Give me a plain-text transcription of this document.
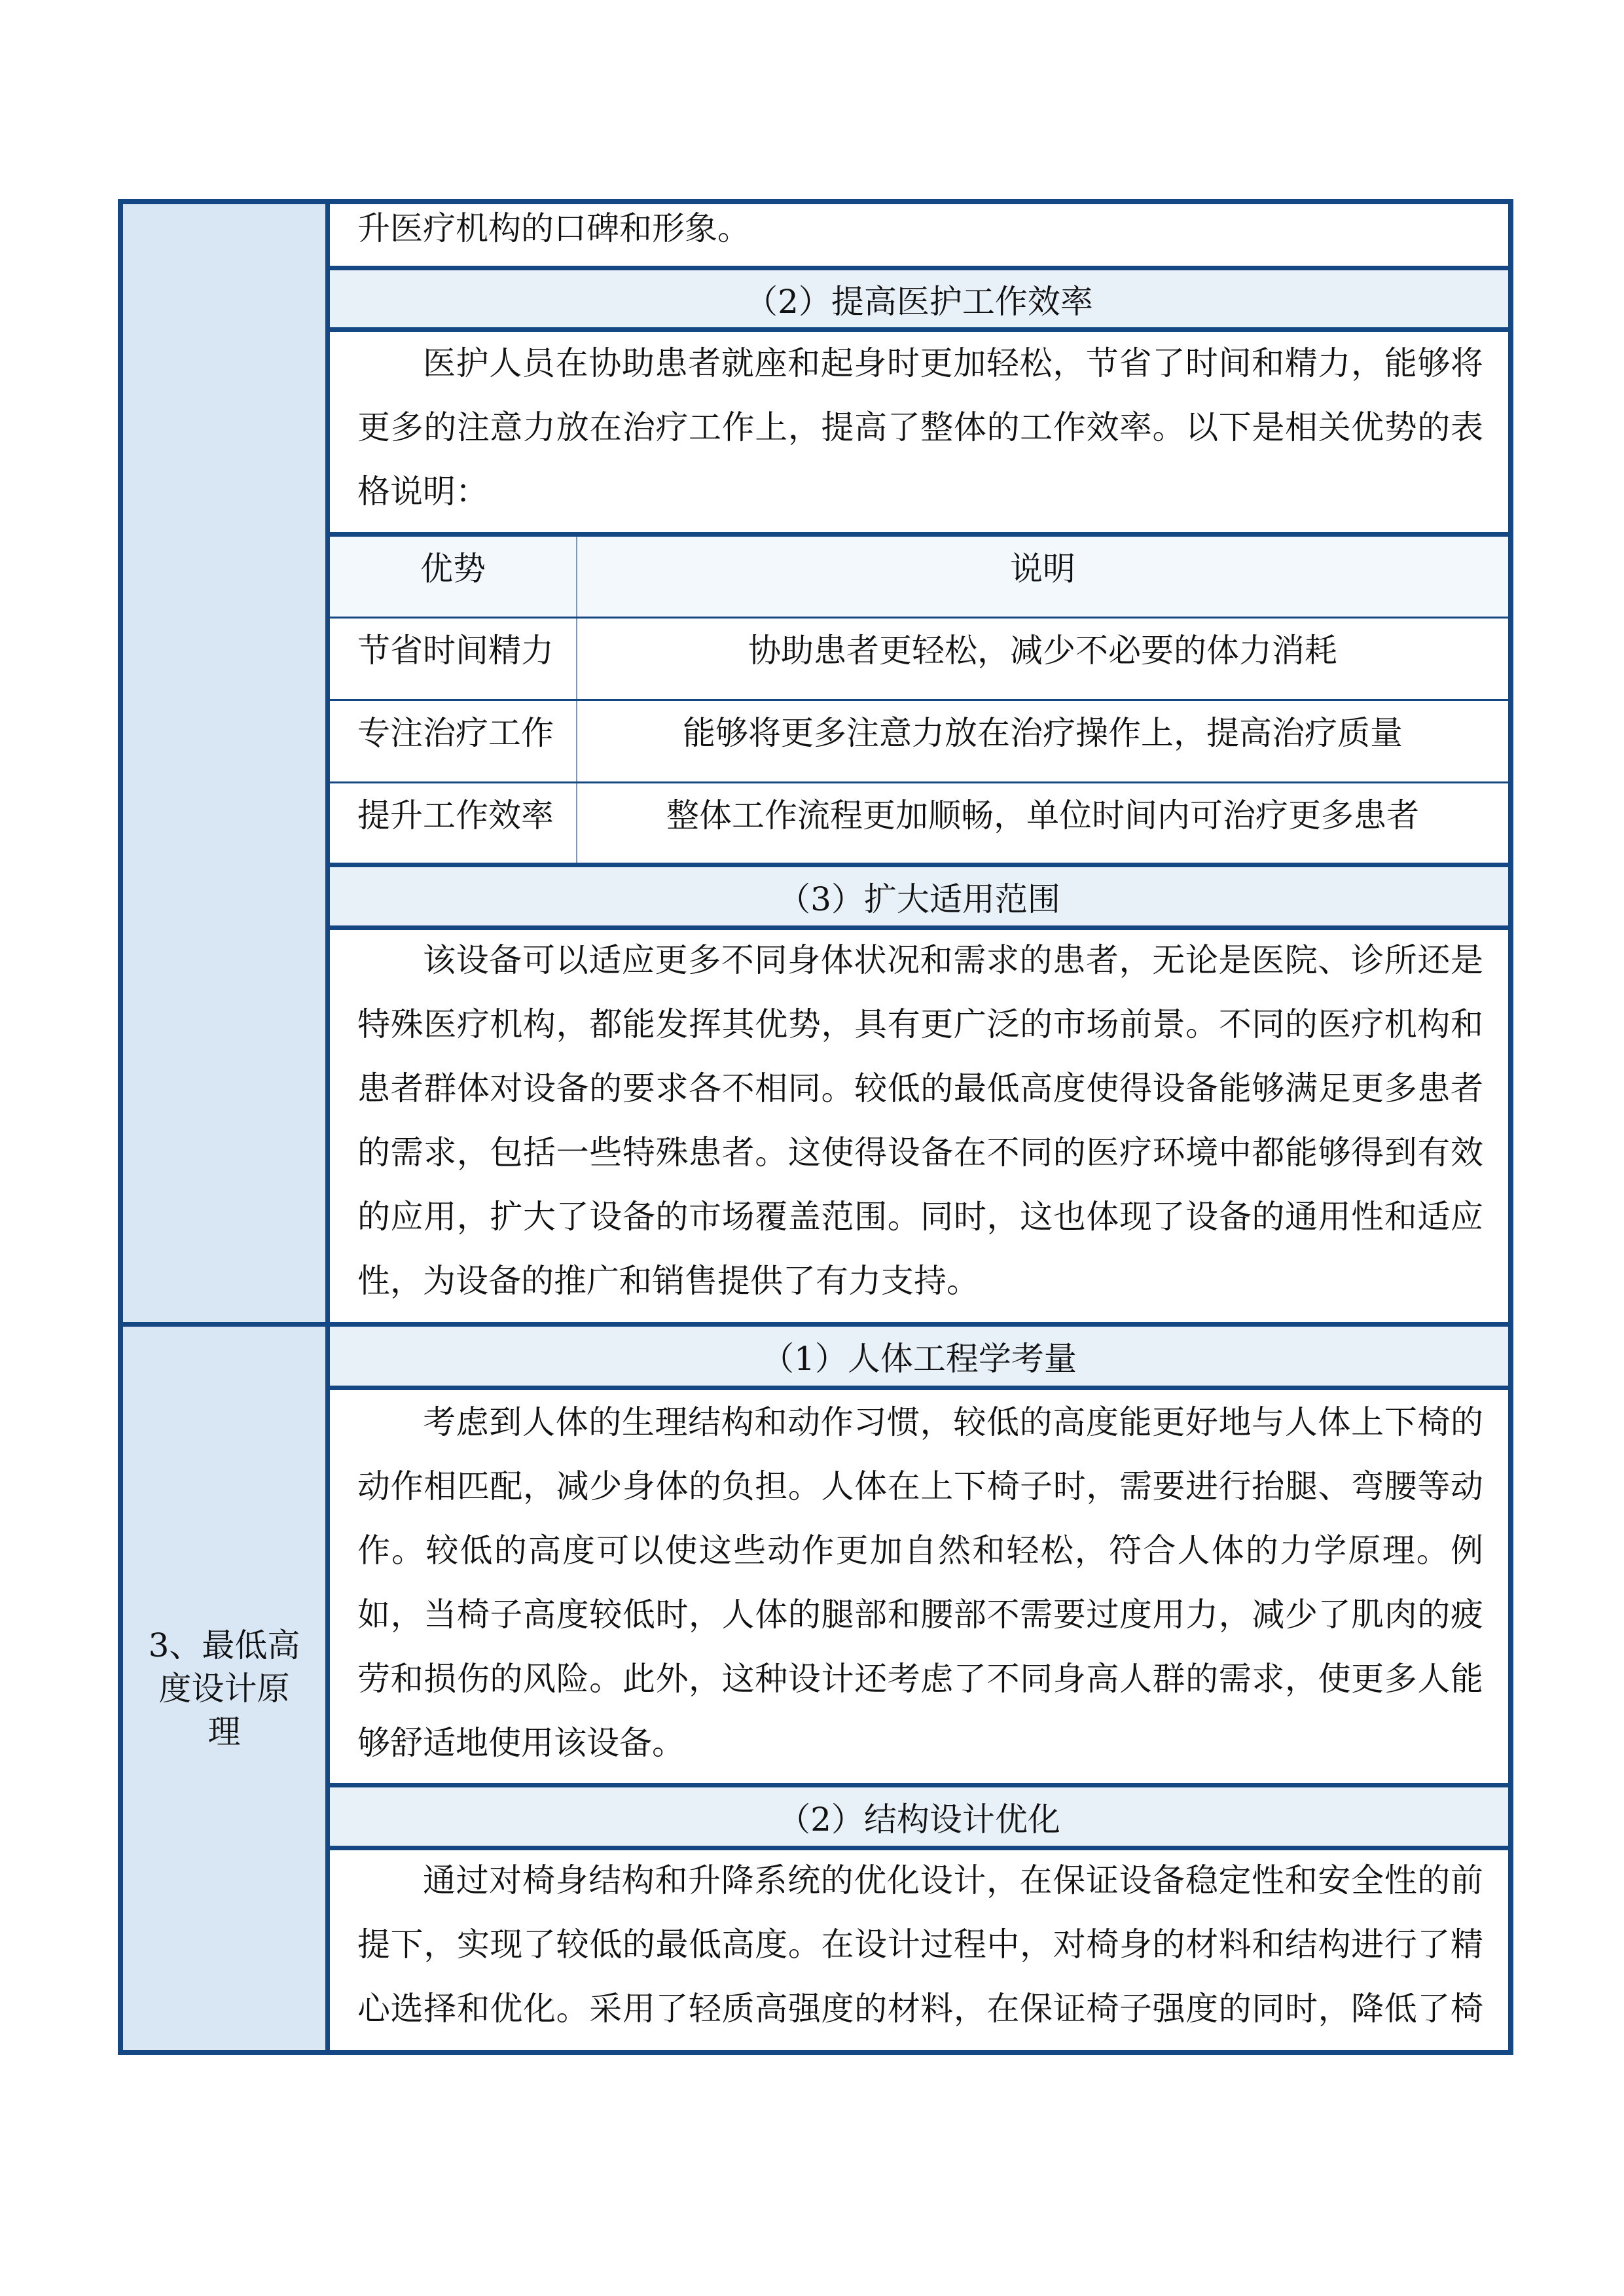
3、最低高
度设计原
理
升医疗机构的口碑和形象。
（2）提高医护工作效率
医护人员在协助患者就座和起身时更加轻松，节省了时间和精力，能够将
更多的注意力放在治疗工作上，提高了整体的工作效率。以下是相关优势的表
格说明：
优势	说明
节省时间精力	协助患者更轻松，减少不必要的体力消耗
专注治疗工作	能够将更多注意力放在治疗操作上，提高治疗质量
提升工作效率	整体工作流程更加顺畅，单位时间内可治疗更多患者
（3）扩大适用范围
该设备可以适应更多不同身体状况和需求的患者，无论是医院、诊所还是
特殊医疗机构，都能发挥其优势，具有更广泛的市场前景。不同的医疗机构和
患者群体对设备的要求各不相同。较低的最低高度使得设备能够满足更多患者
的需求，包括一些特殊患者。这使得设备在不同的医疗环境中都能够得到有效
的应用，扩大了设备的市场覆盖范围。同时，这也体现了设备的通用性和适应
性，为设备的推广和销售提供了有力支持。
（1）人体工程学考量
考虑到人体的生理结构和动作习惯，较低的高度能更好地与人体上下椅的
动作相匹配，减少身体的负担。人体在上下椅子时，需要进行抬腿、弯腰等动
作。较低的高度可以使这些动作更加自然和轻松，符合人体的力学原理。例
如，当椅子高度较低时，人体的腿部和腰部不需要过度用力，减少了肌肉的疲
劳和损伤的风险。此外，这种设计还考虑了不同身高人群的需求，使更多人能
够舒适地使用该设备。
（2）结构设计优化
通过对椅身结构和升降系统的优化设计，在保证设备稳定性和安全性的前
提下，实现了较低的最低高度。在设计过程中，对椅身的材料和结构进行了精
心选择和优化。采用了轻质高强度的材料，在保证椅子强度的同时，降低了椅
